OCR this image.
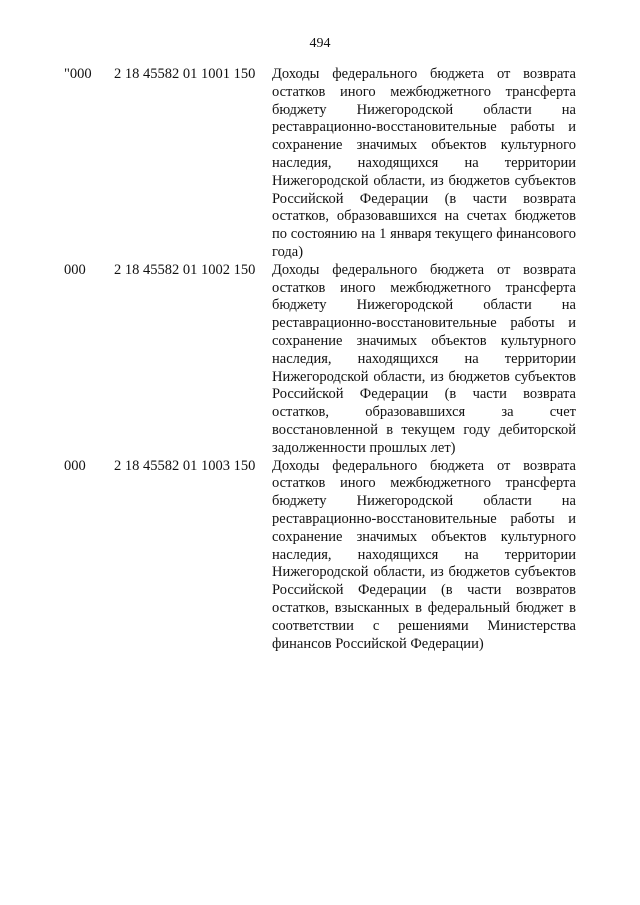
494
"000	2 18 45582 01 1001 150	Доходы федерального бюджета от возврата остатков иного межбюджетного трансферта бюджету Нижегородской области на реставрационно-восстановительные работы и сохранение значимых объектов культурного наследия, находящихся на территории Нижегородской области, из бюджетов субъектов Российской Федерации (в части возврата остатков, образовавшихся на счетах бюджетов по состоянию на 1 января текущего финансового года)
000	2 18 45582 01 1002 150	Доходы федерального бюджета от возврата остатков иного межбюджетного трансферта бюджету Нижегородской области на реставрационно-восстановительные работы и сохранение значимых объектов культурного наследия, находящихся на территории Нижегородской области, из бюджетов субъектов Российской Федерации (в части возврата остатков, образовавшихся за счет восстановленной в текущем году дебиторской задолженности прошлых лет)
000	2 18 45582 01 1003 150	Доходы федерального бюджета от возврата остатков иного межбюджетного трансферта бюджету Нижегородской области на реставрационно-восстановительные работы и сохранение значимых объектов культурного наследия, находящихся на территории Нижегородской области, из бюджетов субъектов Российской Федерации (в части возвратов остатков, взысканных в федеральный бюджет в соответствии с решениями Министерства финансов Российской Федерации)
